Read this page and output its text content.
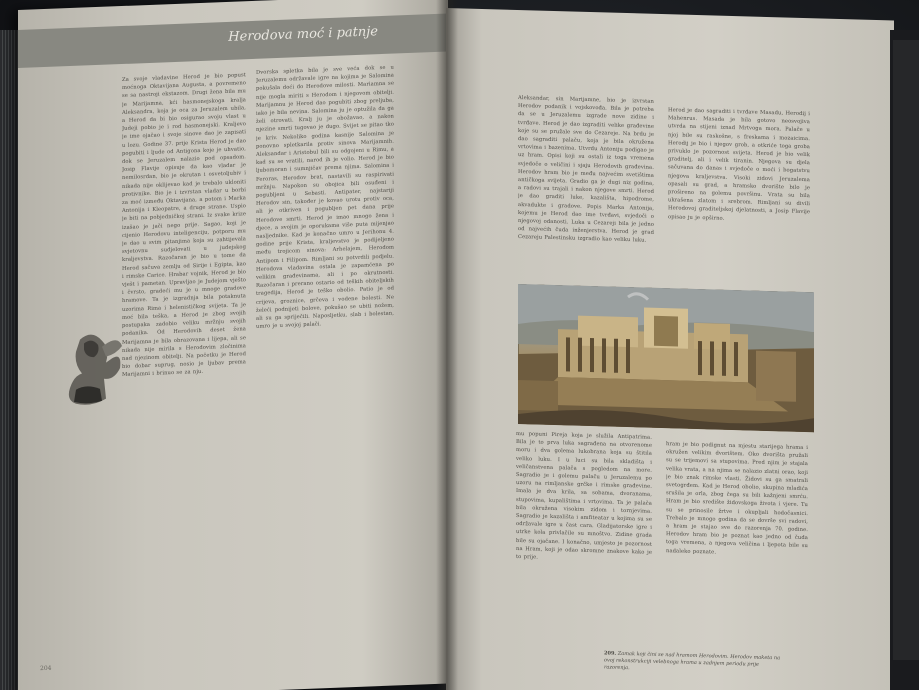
Herodova moć i patnje
Za svoje vladavine Herod je bio popust moćnoga Oktavijana Augusta, a povremeno se sa nastroji ekstazom. Drugi žena bila mu je Marijamna, kći hasmonejskoga kralja Aleksandra, koja je oca za Jeruzalem ubila, a Herod da bi bio osigurao svoju vlast u Judeji pobio je i rod hasmonejski. Kraljevo je ime ojačao i svoje sinove dao je zapisati u lozu. Godine 37. prije Krista Herod je dao pogubiti i ljude od Antigona koje je uhvatio, dok se Jeruzalem nalazio pod opsadom. Josip Flavije opisuje da kao vladar je nemilosrdan, bio je okrutan i osvetoljubiv i nikada nije oklijevao kad je trebalo ukloniti protivnike. Bio je i izvrstan vladar u borbi za moć između Oktavijana, a potom i Marka Antonija i Kleopatre, a druge strane. Uspio je biti na pobjedničkoj strani. Iz svake krize izašao je jači nego prije. Sagao, koji je cijenio Herodovu inteligenciju, potporu mu je dao u svim pitanjima koja su zahtijevala svjetovnu sudjelovati u judejskog kraljevstva. Razočaran je bio u tome da Herod sačuva zemlju od Sirije i Egipta, kao i rimske Carice. Hrabar vojnik, Herod je bio vješt i pametan. Upravljao je Judejom vješto i čvrsto, gradeći mu je u mnoge gradove hramove. Ta je izgradnja bila potaknuta uzorima Rima i helenističkog svijeta. Ta je moć bila teška, a Herod je zbog svojih postupaka zadobio veliku mržnju svojih podanika. Od Herodovih deset žena Marijamna je bila obrazovana i lijepa, ali se nikada nije mirila s Herodovim zločinima nad njezinom obitelji. Na početku je Herod bio dobar suprug, nosio je ljubav prema Marijamni i brinuo se za nju.
Dvorska spletka bila je sve veća dok se u Jeruzalemu održavale igre na kojima je Salomina pokušala doći do Herodove milosti. Mariamna se nije mogla miriti s Herodom i njegovom obitelji. Marijamnu je Herod dao pogubiti zbog preljuba, iako je bila nevina. Salomina ju je optužila da ga želi otrovati. Kralj ju je obožavao, a nakon njezine smrti tugovao je dugo. Svijet se pitao tko je kriv. Nekoliko godina kasnije Salomina je ponovno spletkarila protiv sinova Marijamnih. Aleksandar i Aristobul bili su odgojeni u Rimu, a kad su se vratili, narod ih je volio. Herod je bio ljubomoran i sumnjičav prema njima. Salomina i Feroras, Herodov brat, nastavili su raspirivati mržnju. Napokon su obojica bili osuđeni i pogubljeni u Sebasti. Antipater, najstariji Herodov sin, također je kovao urotu protiv oca, ali je otkriven i pogubljen pet dana prije Herodove smrti. Herod je imao mnogo žena i djece, a svojim je oporukama više puta mijenjao nasljednike. Kad je konačno umro u Jerihonu 4. godine prije Krista, kraljevstvo je podijeljeno među trojicom sinova: Arhelajem, Herodom Antipom i Filipom. Rimljani su potvrdili podjelu. Herodova vladavina ostala je zapamćena po velikim građevinama, ali i po okrutnosti. Razočaran i prerano ostario od teških obiteljskih tragedija, Herod je teško obolio. Patio je od crijeva, groznice, grčeva i vodene bolesti. Ne želeći podnijeti bolove, pokušao se ubiti nožem, ali su ga spriječili. Naposljetku, slab i bolestan, umro je u svojoj palači.
204
Aleksandar, sin Marijamne, bio je izvrstan Herodov podanik i vojskovođa. Bila je potreba da se u Jeruzalemu izgrade nove zidine i tvrđave. Herod je dao izgraditi velike građevine koje su se pružale sve do Cezareje. Na brdu je dao sagraditi palaču, koja je bila okružena vrtovima i bazenima. Utvrdu Antoniju podigao je uz hram. Opisi koji su ostali iz toga vremena svjedoče o veličini i sjaju Herodovih građevina. Herodov hram bio je među najvećim svetištima antičkoga svijeta. Gradio ga je dugi niz godina, a radovi su trajali i nakon njegove smrti. Herod je dao graditi luke, kazališta, hipodrome, akvadukte i gradove. Popis Marka Antonija, kojemu je Herod dao ime tvrđavi, svjedoči o njegovoj odanosti. Luka u Cezareji bila je jedno od najvećih čuda inženjerstva. Herod je grad Cezareju Palestinsku izgradio kao veliku luku.
Herod je dao sagraditi i tvrđave Masadu, Herodij i Mahenrus. Masada je bila gotovo neosvojiva utvrda na stijeni iznad Mrtvoga mora. Palače u njoj bile su raskošne, s freskama i mozaicima. Herodij je bio i njegov grob, a otkriće toga groba privuklo je pozornost svijeta. Herod je bio velik graditelj, ali i velik tiranin. Njegova su djela sačuvana do danas i svjedoče o moći i bogatstvu njegova kraljevstva. Visoki zidovi Jeruzalema opasali su grad, a hramsko dvorište bilo je prošireno na golemu površinu. Vrata su bila ukrašena zlatom i srebrom. Rimljani su divili Herodovoj graditeljskoj djelatnosti, a Josip Flavije opisao ju je opširno.
mu popuni Pireja koja je služila Antipatrima. Bila je to prva luka sagrađena na otvorenome moru i dva golema lukobrana koja su štitila veliko luku. I u luci su bila skladišta i veličanstvena palača s pogledom na more. Sagradio je i golemu palaču u Jeruzalemu po uzoru na rimljanske grčke i rimske građevine. Imala je dva krila, sa sobama, dvoranama, stupovima, kupalištima i vrtovima. Ta je palača bila okružena visokim zidom i tornjevima. Sagradio je kazališta i amfiteatar u kojima su se održavale igre u čast cara. Gladijatorske igre i utrke kola privlačile su mnoštvo. Zidine grada bile su ojačane. I konačno, umjesto je pozornost na Hram, koji je odao skromne znakove kako je to prije.
hram je bio podignut na mjestu starijega hrama i okružen velikim dvorištem. Oko dvorišta pružali su se trijemovi sa stupovima. Pred njim je stajala velika vrata, a na njima se nalazio zlatni orao, koji je bio znak rimske vlasti. Židovi su ga smatrali svetogrđem. Kad je Herod obolio, skupina mladića srušila je orla, zbog čega su bili kažnjeni smrću. Hram je bio središte židovskoga života i vjere. Tu su se prinosile žrtve i okupljali hodočasnici. Trebalo je mnogo godina da se dovrše svi radovi, a hram je stajao sve do razorenja 70. godine. Herodov hram bio je poznat kao jedno od čuda toga vremena, a njegova veličina i ljepota bile su nadaleko poznate.
209. Zamak koji čini se nad hramom Herodovim. Herodov maketa na ovoj rekonstrukciji velebnoga hrama u zadnjem periodu prije razorenja.
